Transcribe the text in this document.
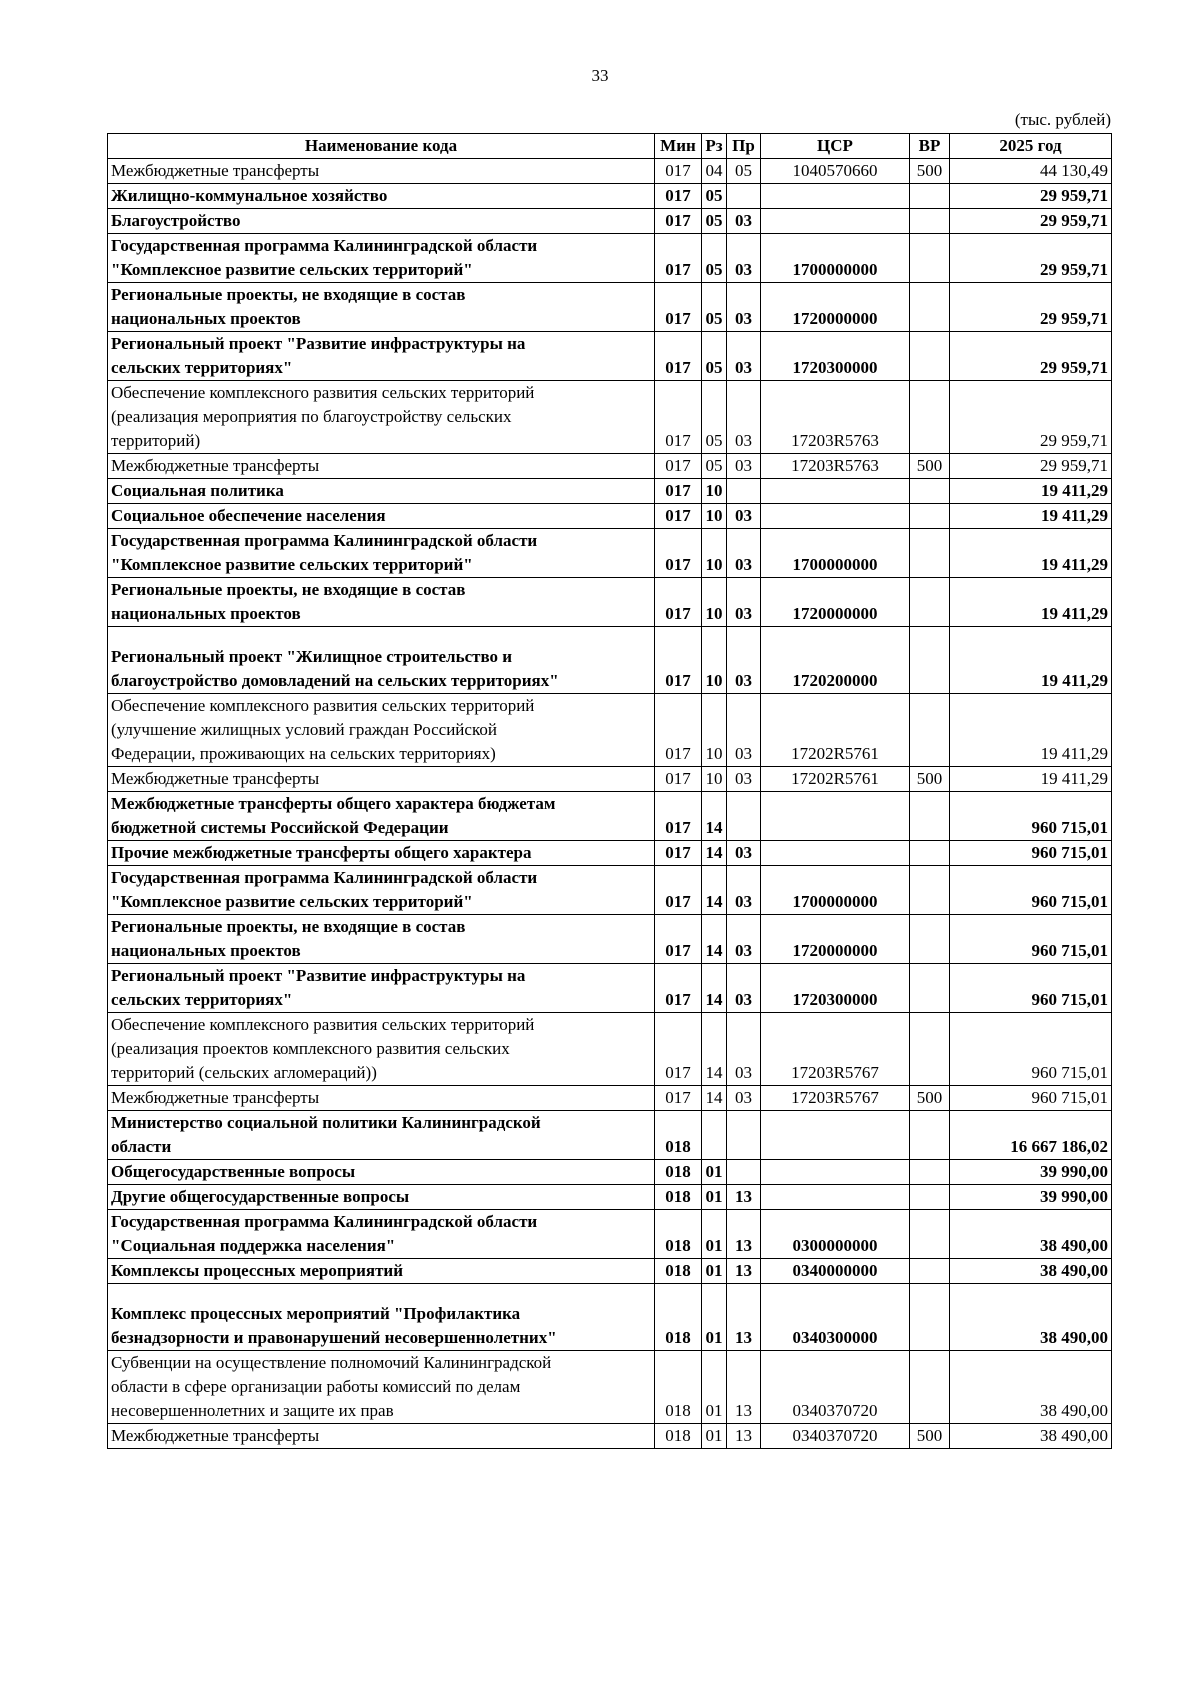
33
(тыс. рублей)
Наименование кода	Мин	Рз	Пр	ЦСР	ВР	2025 год
Межбюджетные трансферты	017	04	05	1040570660	500	44 130,49
Жилищно-коммунальное хозяйство	017	05				29 959,71
Благоустройство	017	05	03			29 959,71
Государственная программа Калининградской области
"Комплексное развитие сельских территорий"	017	05	03	1700000000		29 959,71
Региональные проекты, не входящие в состав
национальных проектов	017	05	03	1720000000		29 959,71
Региональный проект "Развитие инфраструктуры на
сельских территориях"	017	05	03	1720300000		29 959,71
Обеспечение комплексного развития сельских территорий
(реализация мероприятия по благоустройству сельских
территорий)	017	05	03	17203R5763		29 959,71
Межбюджетные трансферты	017	05	03	17203R5763	500	29 959,71
Социальная политика	017	10				19 411,29
Социальное обеспечение населения	017	10	03			19 411,29
Государственная программа Калининградской области
"Комплексное развитие сельских территорий"	017	10	03	1700000000		19 411,29
Региональные проекты, не входящие в состав
национальных проектов	017	10	03	1720000000		19 411,29
Региональный проект "Жилищное строительство и
благоустройство домовладений на сельских территориях"	017	10	03	1720200000		19 411,29
Обеспечение комплексного развития сельских территорий
(улучшение жилищных условий граждан Российской
Федерации, проживающих на сельских территориях)	017	10	03	17202R5761		19 411,29
Межбюджетные трансферты	017	10	03	17202R5761	500	19 411,29
Межбюджетные трансферты общего характера бюджетам
бюджетной системы Российской Федерации	017	14				960 715,01
Прочие межбюджетные трансферты общего характера	017	14	03			960 715,01
Государственная программа Калининградской области
"Комплексное развитие сельских территорий"	017	14	03	1700000000		960 715,01
Региональные проекты, не входящие в состав
национальных проектов	017	14	03	1720000000		960 715,01
Региональный проект "Развитие инфраструктуры на
сельских территориях"	017	14	03	1720300000		960 715,01
Обеспечение комплексного развития сельских территорий
(реализация проектов комплексного развития сельских
территорий (сельских агломераций))	017	14	03	17203R5767		960 715,01
Межбюджетные трансферты	017	14	03	17203R5767	500	960 715,01
Министерство социальной политики Калининградской
области	018					16 667 186,02
Общегосударственные вопросы	018	01				39 990,00
Другие общегосударственные вопросы	018	01	13			39 990,00
Государственная программа Калининградской области
"Социальная поддержка населения"	018	01	13	0300000000		38 490,00
Комплексы процессных мероприятий	018	01	13	0340000000		38 490,00
Комплекс процессных мероприятий "Профилактика
безнадзорности и правонарушений несовершеннолетних"	018	01	13	0340300000		38 490,00
Субвенции на осуществление полномочий Калининградской
области в сфере организации работы комиссий по делам
несовершеннолетних и защите их прав	018	01	13	0340370720		38 490,00
Межбюджетные трансферты	018	01	13	0340370720	500	38 490,00
